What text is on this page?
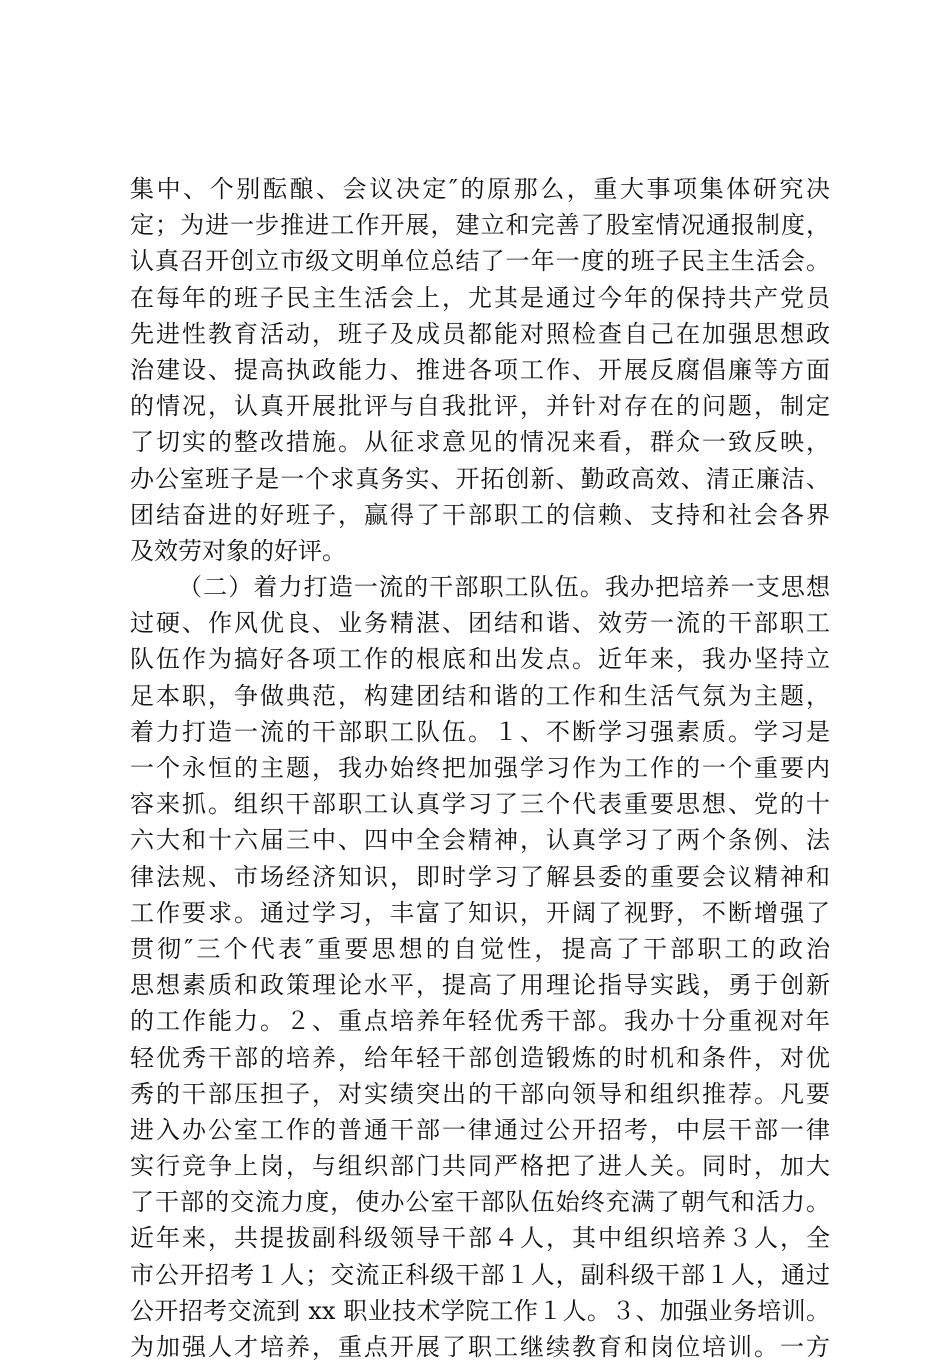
集中、个别酝酿、会议决定″的原那么，重大事项集体研究决
定；为进一步推进工作开展，建立和完善了股室情况通报制度，
认真召开创立市级文明单位总结了一年一度的班子民主生活会。
在每年的班子民主生活会上，尤其是通过今年的保持共产党员
先进性教育活动，班子及成员都能对照检查自己在加强思想政
治建设、提高执政能力、推进各项工作、开展反腐倡廉等方面
的情况，认真开展批评与自我批评，并针对存在的问题，制定
了切实的整改措施。从征求意见的情况来看，群众一致反映，
办公室班子是一个求真务实、开拓创新、勤政高效、清正廉洁、
团结奋进的好班子，赢得了干部职工的信赖、支持和社会各界
及效劳对象的好评。
（二）着力打造一流的干部职工队伍。我办把培养一支思想
过硬、作风优良、业务精湛、团结和谐、效劳一流的干部职工
队伍作为搞好各项工作的根底和出发点。近年来，我办坚持立
足本职，争做典范，构建团结和谐的工作和生活气氛为主题，
着力打造一流的干部职工队伍。１、不断学习强素质。学习是
一个永恒的主题，我办始终把加强学习作为工作的一个重要内
容来抓。组织干部职工认真学习了三个代表重要思想、党的十
六大和十六届三中、四中全会精神，认真学习了两个条例、法
律法规、市场经济知识，即时学习了解县委的重要会议精神和
工作要求。通过学习，丰富了知识，开阔了视野，不断增强了
贯彻″三个代表″重要思想的自觉性，提高了干部职工的政治
思想素质和政策理论水平，提高了用理论指导实践，勇于创新
的工作能力。２、重点培养年轻优秀干部。我办十分重视对年
轻优秀干部的培养，给年轻干部创造锻炼的时机和条件，对优
秀的干部压担子，对实绩突出的干部向领导和组织推荐。凡要
进入办公室工作的普通干部一律通过公开招考，中层干部一律
实行竞争上岗，与组织部门共同严格把了进人关。同时，加大
了干部的交流力度，使办公室干部队伍始终充满了朝气和活力。
近年来，共提拔副科级领导干部４人，其中组织培养３人，全
市公开招考１人；交流正科级干部１人，副科级干部１人，通过
公开招考交流到 xx 职业技术学院工作１人。３、加强业务培训。
为加强人才培养，重点开展了职工继续教育和岗位培训。一方
